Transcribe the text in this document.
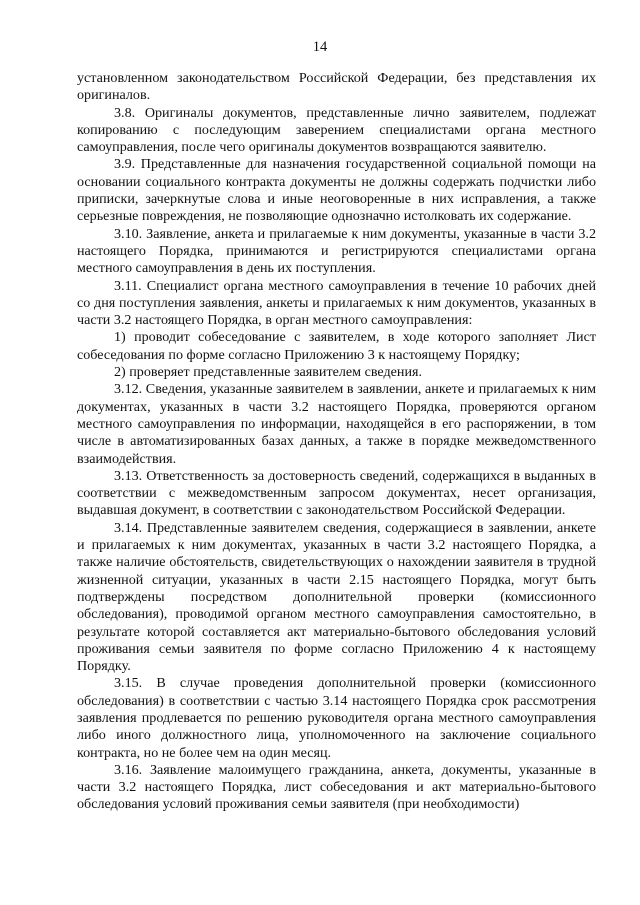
14

установленном законодательством Российской Федерации, без представления их оригиналов.

3.8. Оригиналы документов, представленные лично заявителем, подлежат копированию с последующим заверением специалистами органа местного самоуправления, после чего оригиналы документов возвращаются заявителю.

3.9. Представленные для назначения государственной социальной помощи на основании социального контракта документы не должны содержать подчистки либо приписки, зачеркнутые слова и иные неоговоренные в них исправления, а также серьезные повреждения, не позволяющие однозначно истолковать их содержание.

3.10. Заявление, анкета и прилагаемые к ним документы, указанные в части 3.2 настоящего Порядка, принимаются и регистрируются специалистами органа местного самоуправления в день их поступления.

3.11. Специалист органа местного самоуправления в течение 10 рабочих дней со дня поступления заявления, анкеты и прилагаемых к ним документов, указанных в части 3.2 настоящего Порядка, в орган местного самоуправления:

1) проводит собеседование с заявителем, в ходе которого заполняет Лист собеседования по форме согласно Приложению 3 к настоящему Порядку;

2) проверяет представленные заявителем сведения.

3.12. Сведения, указанные заявителем в заявлении, анкете и прилагаемых к ним документах, указанных в части 3.2 настоящего Порядка, проверяются органом местного самоуправления по информации, находящейся в его распоряжении, в том числе в автоматизированных базах данных, а также в порядке межведомственного взаимодействия.

3.13. Ответственность за достоверность сведений, содержащихся в выданных в соответствии с межведомственным запросом документах, несет организация, выдавшая документ, в соответствии с законодательством Российской Федерации.

3.14. Представленные заявителем сведения, содержащиеся в заявлении, анкете и прилагаемых к ним документах, указанных в части 3.2 настоящего Порядка, а также наличие обстоятельств, свидетельствующих о нахождении заявителя в трудной жизненной ситуации, указанных в части 2.15 настоящего Порядка, могут быть подтверждены посредством дополнительной проверки (комиссионного обследования), проводимой органом местного самоуправления самостоятельно, в результате которой составляется акт материально-бытового обследования условий проживания семьи заявителя по форме согласно Приложению 4 к настоящему Порядку.

3.15. В случае проведения дополнительной проверки (комиссионного обследования) в соответствии с частью 3.14 настоящего Порядка срок рассмотрения заявления продлевается по решению руководителя органа местного самоуправления либо иного должностного лица, уполномоченного на заключение социального контракта, но не более чем на один месяц.

3.16. Заявление малоимущего гражданина, анкета, документы, указанные в части 3.2 настоящего Порядка, лист собеседования и акт материально-бытового обследования условий проживания семьи заявителя (при необходимости)
